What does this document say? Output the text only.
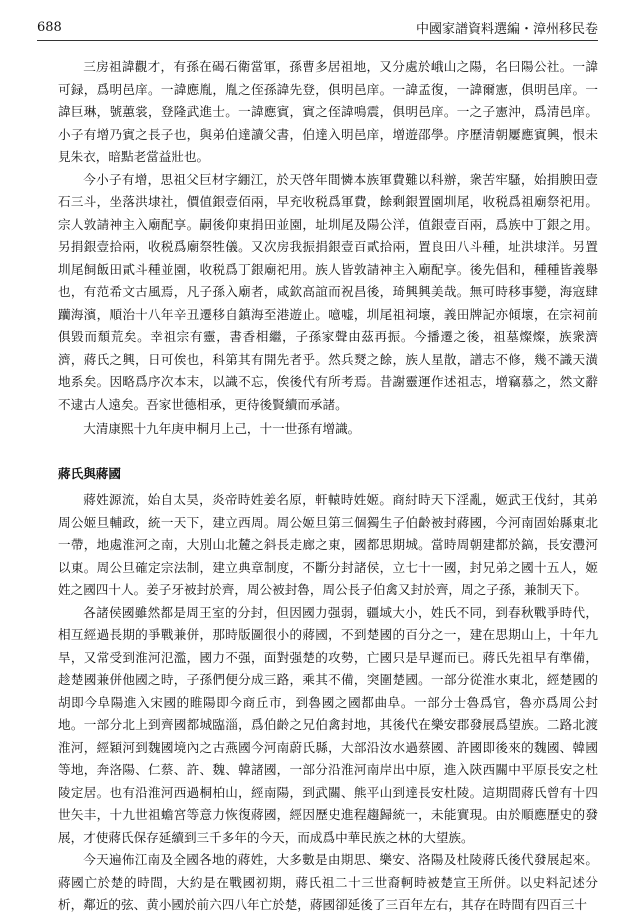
688	中國家譜資料選編・漳州移民卷

三房祖諱觀才，有孫在碣石衛當軍，孫曹多居祖地，又分處於峨山之陽，名曰陽公社。一諱可録，爲明邑庠。一諱應胤，胤之侄孫諱先登，俱明邑庠。一諱孟復，一諱爾憲，俱明邑庠。一諱巨琳，號蕙裳，登隆武進士。一諱應賓，賓之侄諱鳴震，俱明邑庠。一之子憲沖，爲清邑庠。小子有增乃賓之長子也，與弟伯達讀父書，伯達入明邑庠，增遊邵學。序歷清朝屢應賓興，恨未見朱衣，暗點老當益壯也。

今小子有增，思祖父巨材字綳江，於天啓年間憐本族軍費難以科辦，衆苦牢騷，始捐腴田壹石三斗，坐落洪埭社，價值銀壹佰兩，早充收税爲軍費，餘剩銀置園圳尾，收税爲祖廟祭祀用。宗人敦請神主入廟配享。嗣後仰東捐田並園，址圳尾及陽公洋，值銀壹百兩，爲族中丁銀之用。另捐銀壹拾兩，收税爲廟祭牲儀。又次房我振捐銀壹百貳拾兩，置良田八斗種，址洪埭洋。另置圳尾飼飯田貳斗種並園，收税爲丁銀廟祀用。族人皆敦請神主入廟配享。後先倡和，種種皆義舉也，有范希文古風焉，凡子孫入廟者，咸欽高誼而祝昌後，琦興興美哉。無可時移事變，海寇肆躪海濱，順治十八年辛丑遷移自鎮海至港遊止。噫嘘，圳尾祖祠壞，義田牌記亦傾壞，在宗祠前俱毀而頹荒矣。幸祖宗有靈，書香相繼，子孫家聲由茲再振。今播遷之後，祖墓燦燦，族衆濟濟，蔣氏之興，日可俟也，科第其有開先者乎。然兵燹之餘，族人星散，譜志不修，幾不識天潢地系矣。因略爲序次本末，以識不忘，俟後代有所考焉。昔謝靈運作述祖志，增竊慕之，然文辭不逮古人遠矣。吾家世德相承，更待後賢續而承諸。

大清康熙十九年庚申桐月上己，十一世孫有增識。

蔣氏與蔣國

蔣姓源流，始自太昊，炎帝時姓姜名原，軒轅時姓姬。商紂時天下淫亂，姬武王伐紂，其弟周公姬旦輔政，統一天下，建立西周。周公姬旦第三個獨生子伯齡被封蔣國，今河南固始縣東北一帶，地處淮河之南，大別山北麓之斜長走廊之東，國都思期城。當時周朝建都於鎬，長安灃河以東。周公旦確定宗法制，建立典章制度，不斷分封諸侯，立七十一國，封兄弟之國十五人，姬姓之國四十人。姜子牙被封於齊，周公被封魯，周公長子伯禽又封於齊，周之子孫，兼制天下。

各諸侯國雖然都是周王室的分封，但因國力强弱，疆域大小，姓氏不同，到春秋戰爭時代，相互經過長期的爭戰兼併，那時版圖很小的蔣國，不到楚國的百分之一，建在思期山上，十年九旱，又常受到淮河氾濫，國力不强，面對强楚的攻勢，亡國只是早遲而已。蔣氏先祖早有準備，趁楚國兼併他國之時，子孫們便分成三路，乘其不備，突圍楚國。一部分從淮水東北，經楚國的胡即今阜陽進入宋國的睢陽即今商丘市，到魯國之國都曲阜。一部分士魯爲官，魯亦爲周公封地。一部分北上到齊國都城臨淄，爲伯齡之兄伯禽封地，其後代在樂安郡發展爲望族。二路北渡淮河，經穎河到魏國境內之古燕國今河南蔚氏縣，大部沿汝水過蔡國、許國即後來的魏國、韓國等地，奔洛陽、仁蔡、許、魏、韓諸國，一部分沿淮河南岸出中原，進入陝西關中平原長安之杜陵定居。也有沿淮河西過桐柏山，經南陽，到武關、熊平山到達長安杜陵。這期間蔣氏曾有十四世矢丰，十九世祖蟾宮等意力恢復蔣國，經因歷史進程趨歸統一，未能實現。由於順應歷史的發展，才使蔣氏保存延續到三千多年的今天，而成爲中華民族之林的大望族。

今天遍佈江南及全國各地的蔣姓，大多數是由期思、樂安、洛陽及杜陵蔣氏後代發展起來。蔣國亡於楚的時間，大約是在戰國初期，蔣氏祖二十三世裔軻時被楚宣王所併。以史料記述分析，鄰近的弦、黄小國於前六四八年亡於楚，蔣國卻延後了三百年左右，其存在時間有四百三十
